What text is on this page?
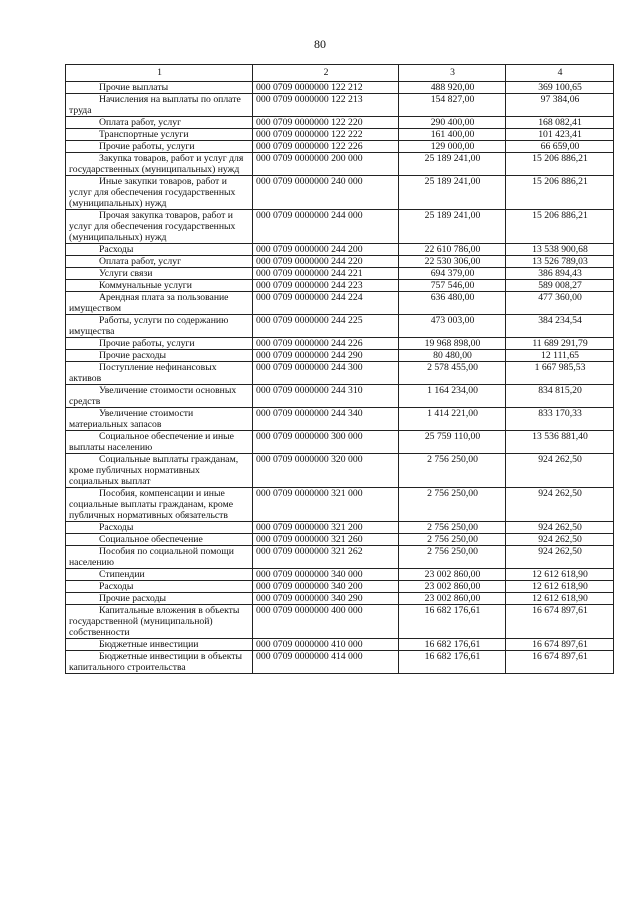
80
1	2	3	4
Прочие выплаты	000 0709 0000000 122 212	488 920,00	369 100,65
Начисления на выплаты по оплате труда	000 0709 0000000 122 213	154 827,00	97 384,06
Оплата работ, услуг	000 0709 0000000 122 220	290 400,00	168 082,41
Транспортные услуги	000 0709 0000000 122 222	161 400,00	101 423,41
Прочие работы, услуги	000 0709 0000000 122 226	129 000,00	66 659,00
Закупка товаров, работ и услуг для государственных (муниципальных) нужд	000 0709 0000000 200 000	25 189 241,00	15 206 886,21
Иные закупки товаров, работ и услуг для обеспечения государственных (муниципальных) нужд	000 0709 0000000 240 000	25 189 241,00	15 206 886,21
Прочая закупка товаров, работ и услуг для обеспечения государственных (муниципальных) нужд	000 0709 0000000 244 000	25 189 241,00	15 206 886,21
Расходы	000 0709 0000000 244 200	22 610 786,00	13 538 900,68
Оплата работ, услуг	000 0709 0000000 244 220	22 530 306,00	13 526 789,03
Услуги связи	000 0709 0000000 244 221	694 379,00	386 894,43
Коммунальные услуги	000 0709 0000000 244 223	757 546,00	589 008,27
Арендная плата за пользование имуществом	000 0709 0000000 244 224	636 480,00	477 360,00
Работы, услуги по содержанию имущества	000 0709 0000000 244 225	473 003,00	384 234,54
Прочие работы, услуги	000 0709 0000000 244 226	19 968 898,00	11 689 291,79
Прочие расходы	000 0709 0000000 244 290	80 480,00	12 111,65
Поступление нефинансовых активов	000 0709 0000000 244 300	2 578 455,00	1 667 985,53
Увеличение стоимости основных средств	000 0709 0000000 244 310	1 164 234,00	834 815,20
Увеличение стоимости материальных запасов	000 0709 0000000 244 340	1 414 221,00	833 170,33
Социальное обеспечение и иные выплаты населению	000 0709 0000000 300 000	25 759 110,00	13 536 881,40
Социальные выплаты гражданам, кроме публичных нормативных социальных выплат	000 0709 0000000 320 000	2 756 250,00	924 262,50
Пособия, компенсации и иные социальные выплаты гражданам, кроме публичных нормативных обязательств	000 0709 0000000 321 000	2 756 250,00	924 262,50
Расходы	000 0709 0000000 321 200	2 756 250,00	924 262,50
Социальное обеспечение	000 0709 0000000 321 260	2 756 250,00	924 262,50
Пособия по социальной помощи населению	000 0709 0000000 321 262	2 756 250,00	924 262,50
Стипендии	000 0709 0000000 340 000	23 002 860,00	12 612 618,90
Расходы	000 0709 0000000 340 200	23 002 860,00	12 612 618,90
Прочие расходы	000 0709 0000000 340 290	23 002 860,00	12 612 618,90
Капитальные вложения в объекты государственной (муниципальной) собственности	000 0709 0000000 400 000	16 682 176,61	16 674 897,61
Бюджетные инвестиции	000 0709 0000000 410 000	16 682 176,61	16 674 897,61
Бюджетные инвестиции в объекты капитального строительства	000 0709 0000000 414 000	16 682 176,61	16 674 897,61
